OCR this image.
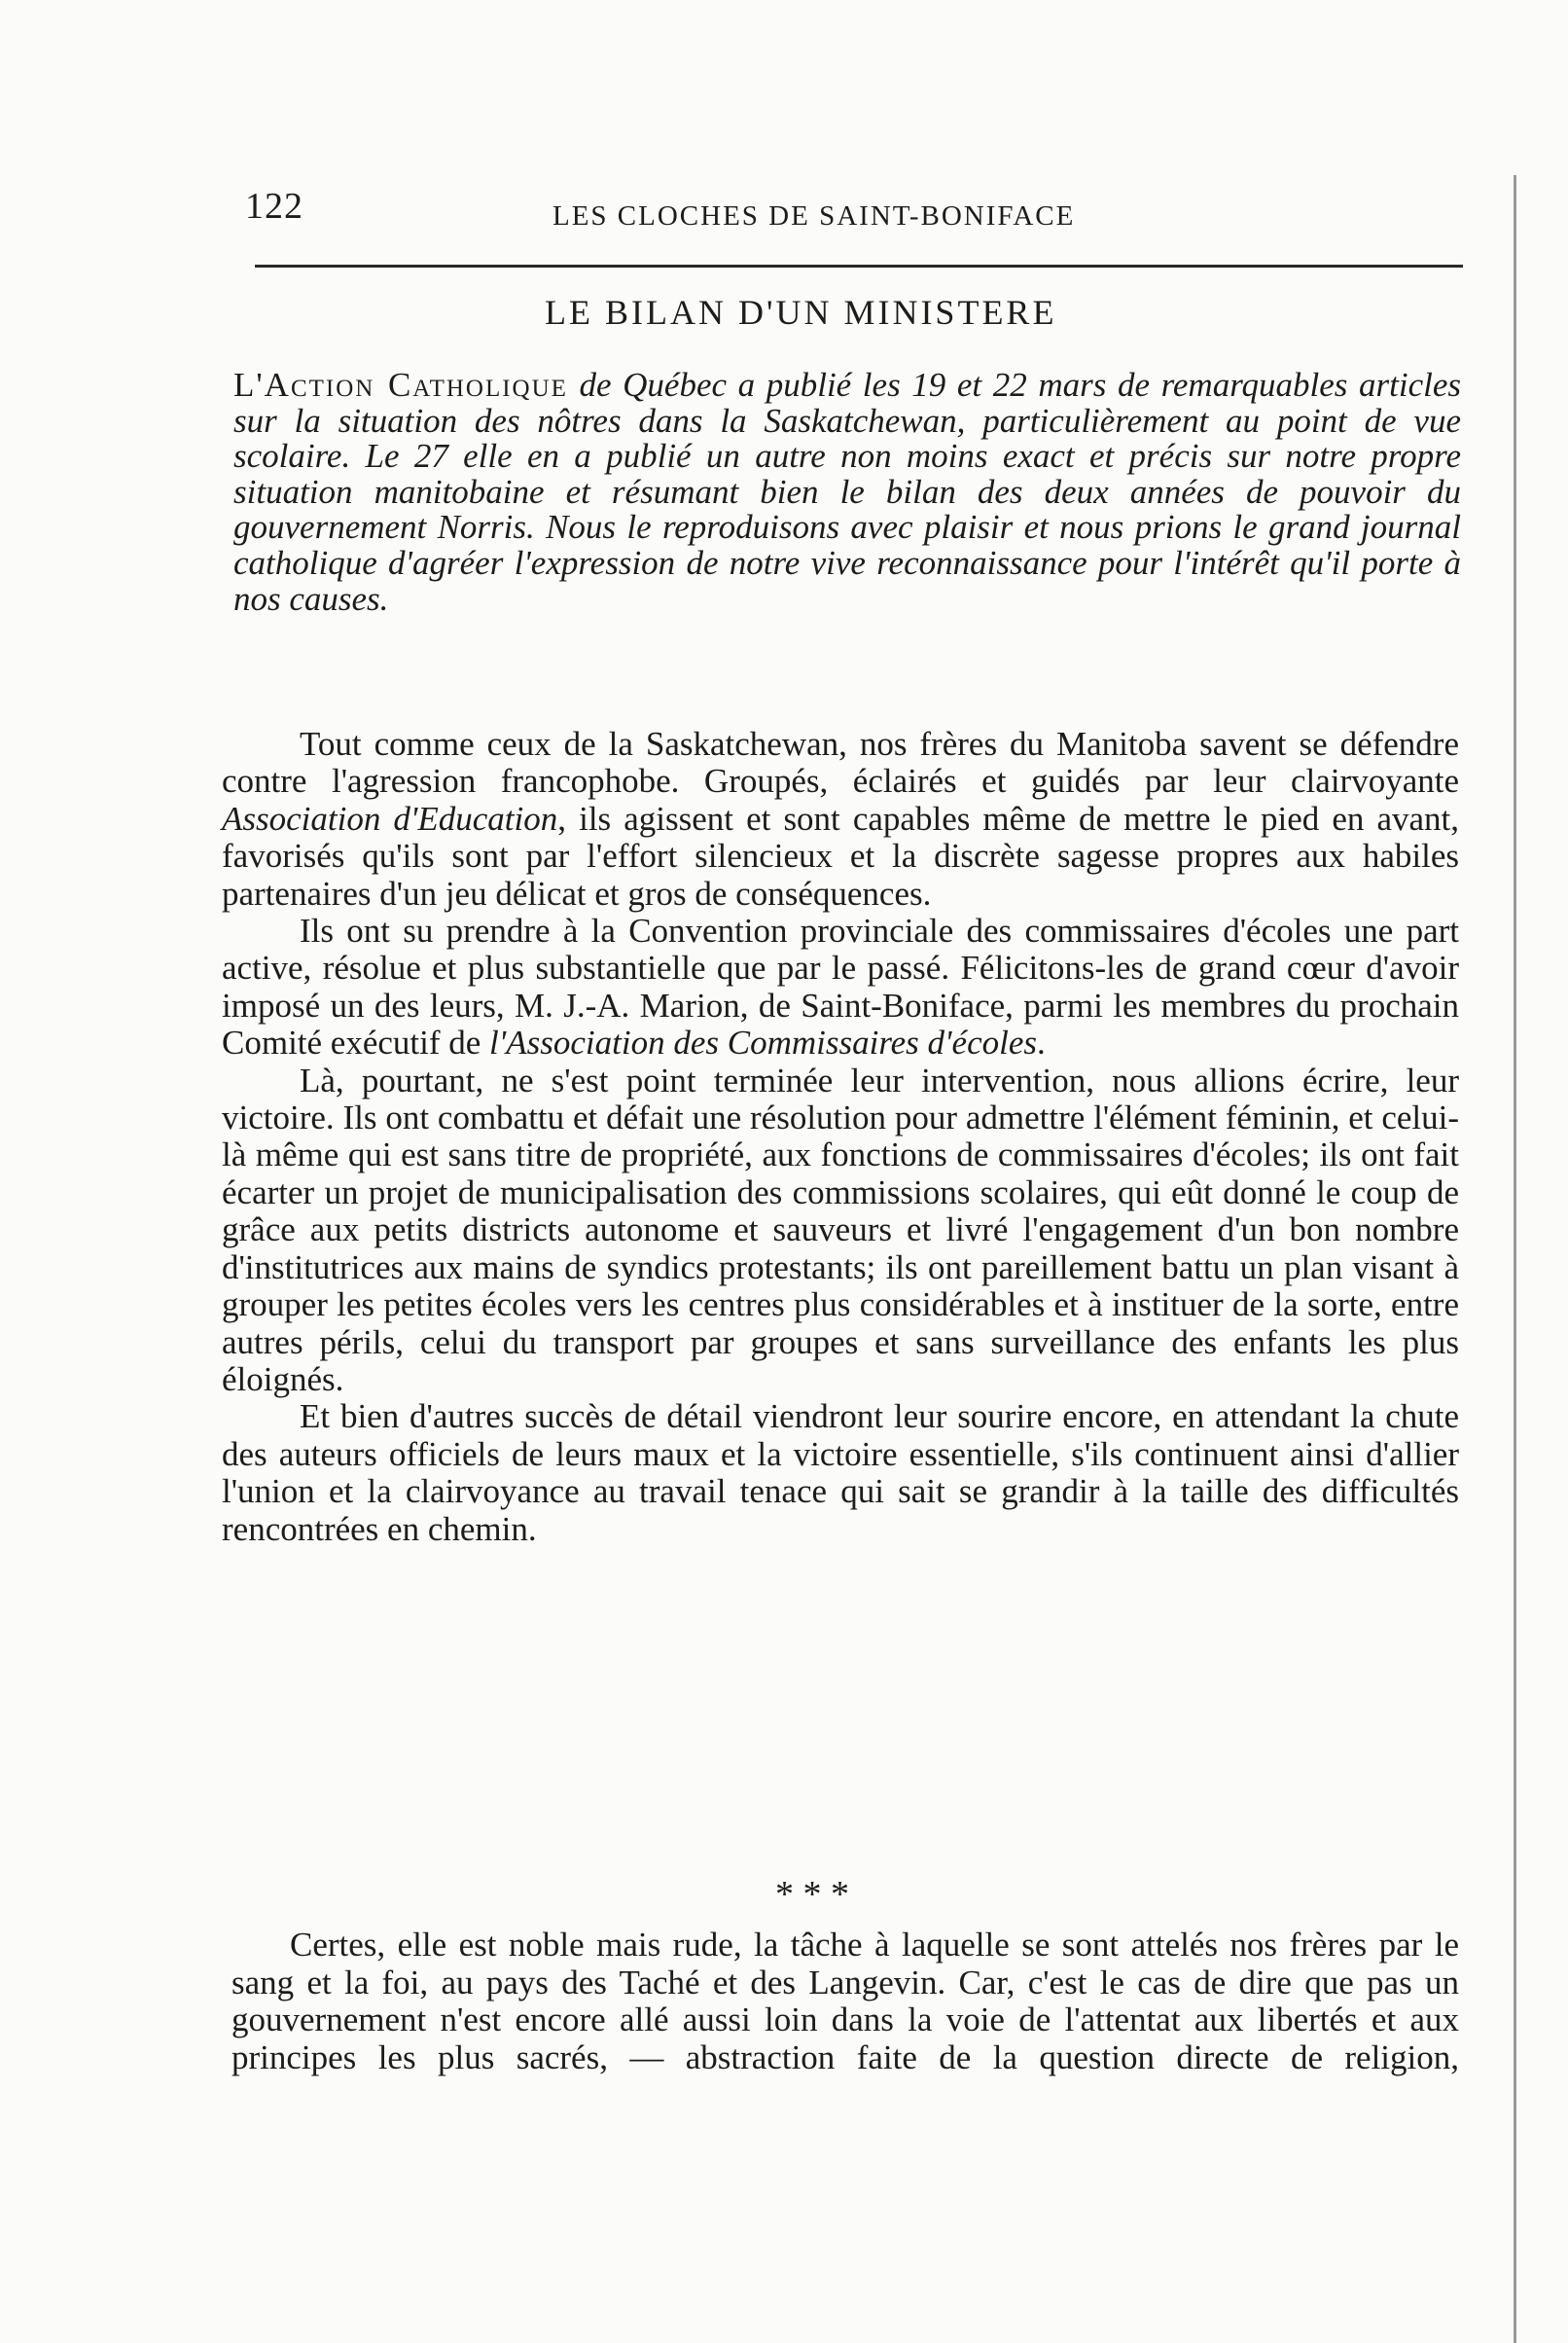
122	LES CLOCHES DE SAINT-BONIFACE
LE BILAN D'UN MINISTERE
L'Action Catholique de Québec a publié les 19 et 22 mars de remarquables articles sur la situation des nôtres dans la Saskatchewan, particulièrement au point de vue scolaire. Le 27 elle en a publié un autre non moins exact et précis sur notre propre situation manitobaine et résumant bien le bilan des deux années de pouvoir du gouvernement Norris. Nous le reproduisons avec plaisir et nous prions le grand journal catholique d'agréer l'expression de notre vive reconnaissance pour l'intérêt qu'il porte à nos causes.

Tout comme ceux de la Saskatchewan, nos frères du Manitoba savent se défendre contre l'agression francophobe. Groupés, éclairés et guidés par leur clairvoyante Association d'Education, ils agissent et sont capables même de mettre le pied en avant, favorisés qu'ils sont par l'effort silencieux et la discrète sagesse propres aux habiles partenaires d'un jeu délicat et gros de conséquences.

Ils ont su prendre à la Convention provinciale des commissaires d'écoles une part active, résolue et plus substantielle que par le passé. Félicitons-les de grand cœur d'avoir imposé un des leurs, M. J.-A. Marion, de Saint-Boniface, parmi les membres du prochain Comité exécutif de l'Association des Commissaires d'écoles.

Là, pourtant, ne s'est point terminée leur intervention, nous allions écrire, leur victoire. Ils ont combattu et défait une résolution pour admettre l'élément féminin, et celui-là même qui est sans titre de propriété, aux fonctions de commissaires d'écoles; ils ont fait écarter un projet de municipalisation des commissions scolaires, qui eût donné le coup de grâce aux petits districts autonome et sauveurs et livré l'engagement d'un bon nombre d'institutrices aux mains de syndics protestants; ils ont pareillement battu un plan visant à grouper les petites écoles vers les centres plus considérables et à instituer de la sorte, entre autres périls, celui du transport par groupes et sans surveillance des enfants les plus éloignés.

Et bien d'autres succès de détail viendront leur sourire encore, en attendant la chute des auteurs officiels de leurs maux et la victoire essentielle, s'ils continuent ainsi d'allier l'union et la clairvoyance au travail tenace qui sait se grandir à la taille des difficultés rencontrées en chemin.

* * *

Certes, elle est noble mais rude, la tâche à laquelle se sont attelés nos frères par le sang et la foi, au pays des Taché et des Langevin. Car, c'est le cas de dire que pas un gouvernement n'est encore allé aussi loin dans la voie de l'attentat aux libertés et aux principes les plus sacrés, — abstraction faite de la question directe de religion,
